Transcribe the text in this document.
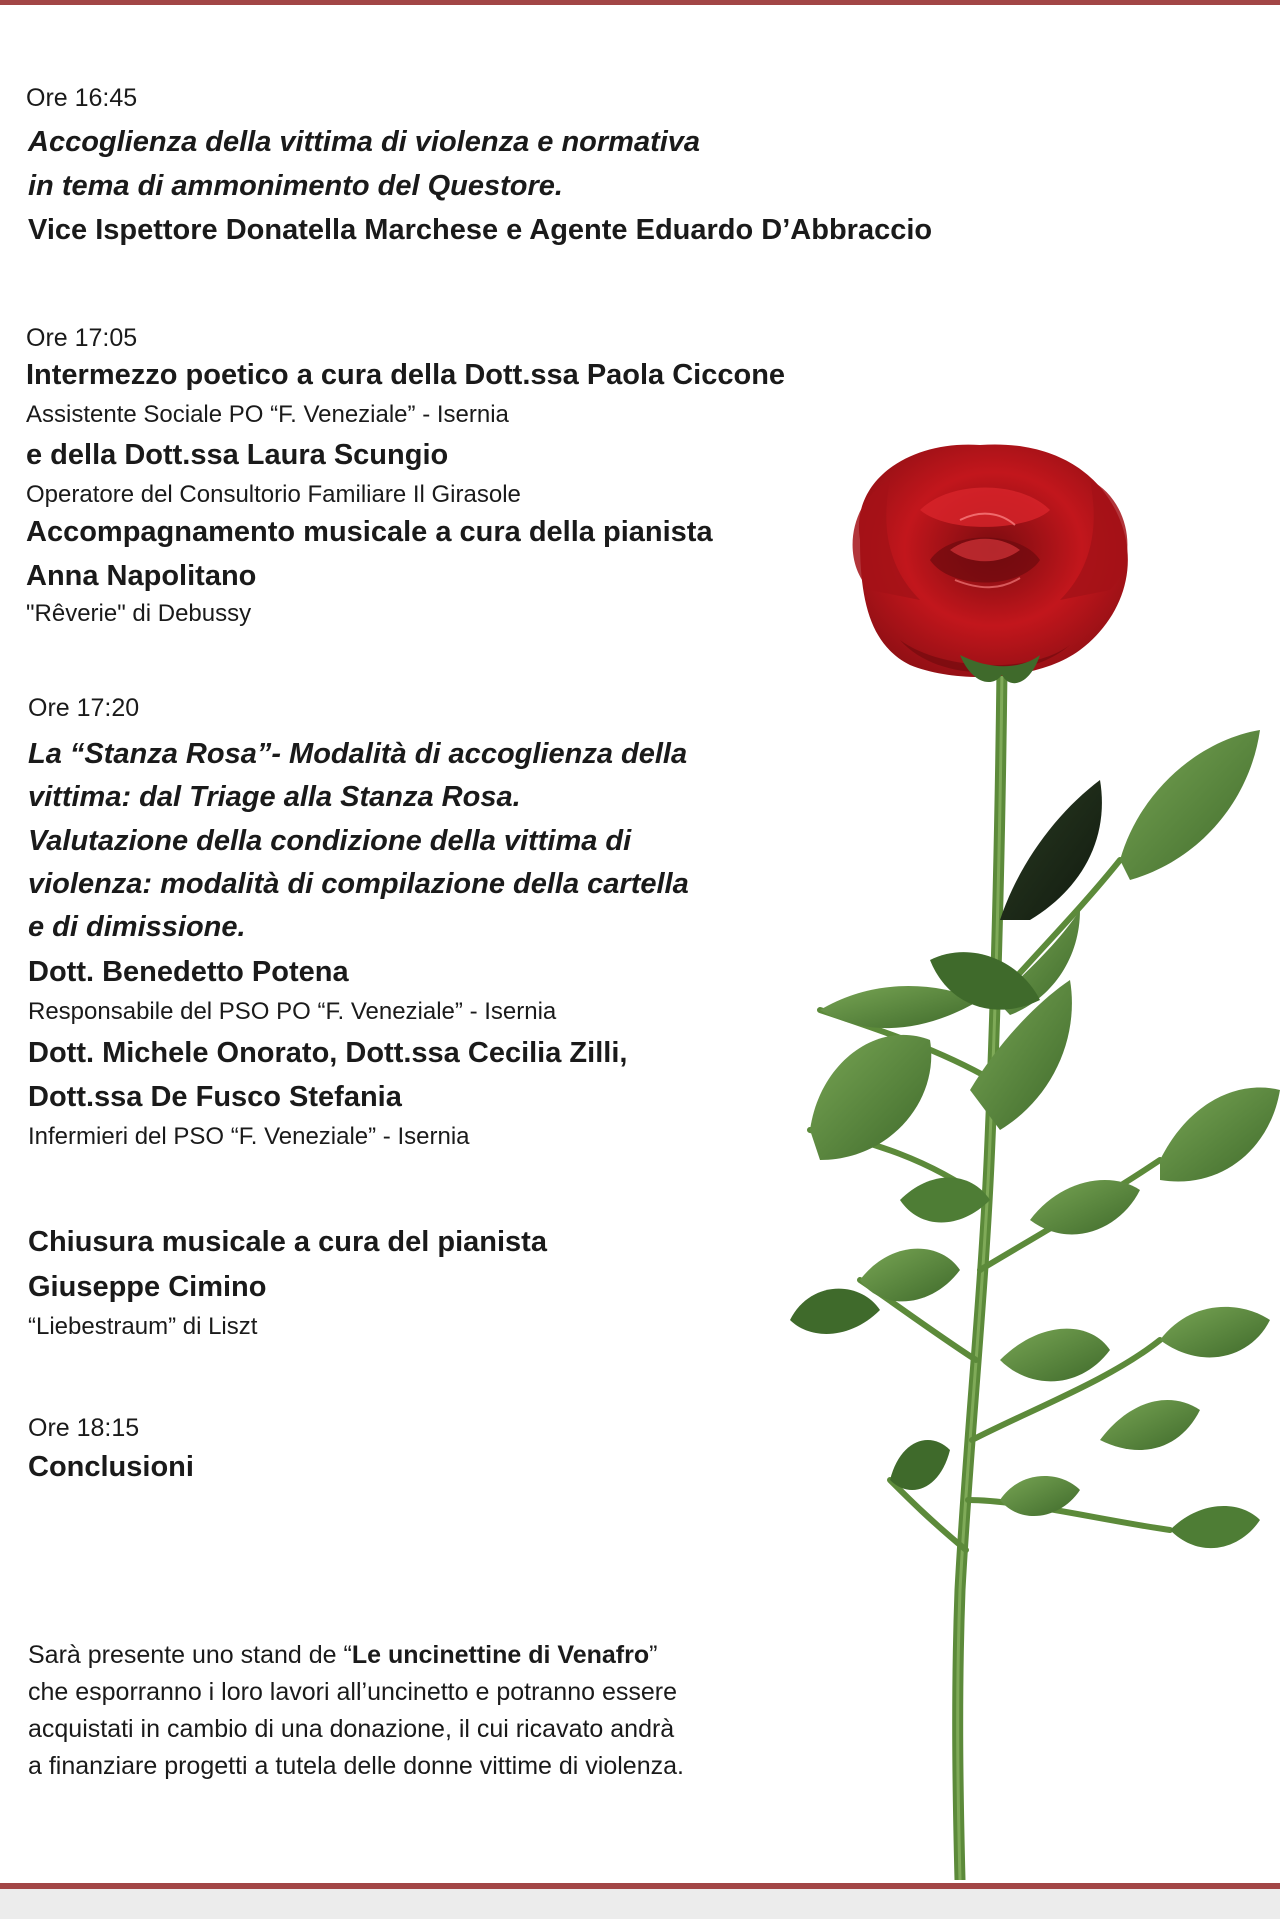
Ore 16:45
Accoglienza della vittima di violenza e normativa
in tema di ammonimento del Questore.
Vice Ispettore Donatella Marchese e Agente Eduardo D’Abbraccio
Ore 17:05
Intermezzo poetico a cura della Dott.ssa Paola Ciccone
Assistente Sociale PO “F. Veneziale” - Isernia
e della Dott.ssa Laura Scungio
Operatore del Consultorio Familiare Il Girasole
Accompagnamento musicale a cura della pianista
Anna Napolitano
"Rêverie" di Debussy
Ore 17:20
La “Stanza Rosa”- Modalità di accoglienza della
vittima: dal Triage alla Stanza Rosa.
Valutazione della condizione della vittima di
violenza: modalità di compilazione della cartella
e di dimissione.
Dott. Benedetto Potena
Responsabile del PSO PO “F. Veneziale” - Isernia
Dott. Michele Onorato, Dott.ssa Cecilia Zilli,
Dott.ssa De Fusco Stefania
Infermieri del PSO “F. Veneziale” - Isernia
Chiusura musicale a cura del pianista
Giuseppe Cimino
“Liebestraum” di Liszt
Ore 18:15
Conclusioni
Sarà presente uno stand de “Le uncinettine di Venafro”
che esporranno i loro lavori all’uncinetto e potranno essere
acquistati in cambio di una donazione, il cui ricavato andrà
a finanziare progetti a tutela delle donne vittime di violenza.
